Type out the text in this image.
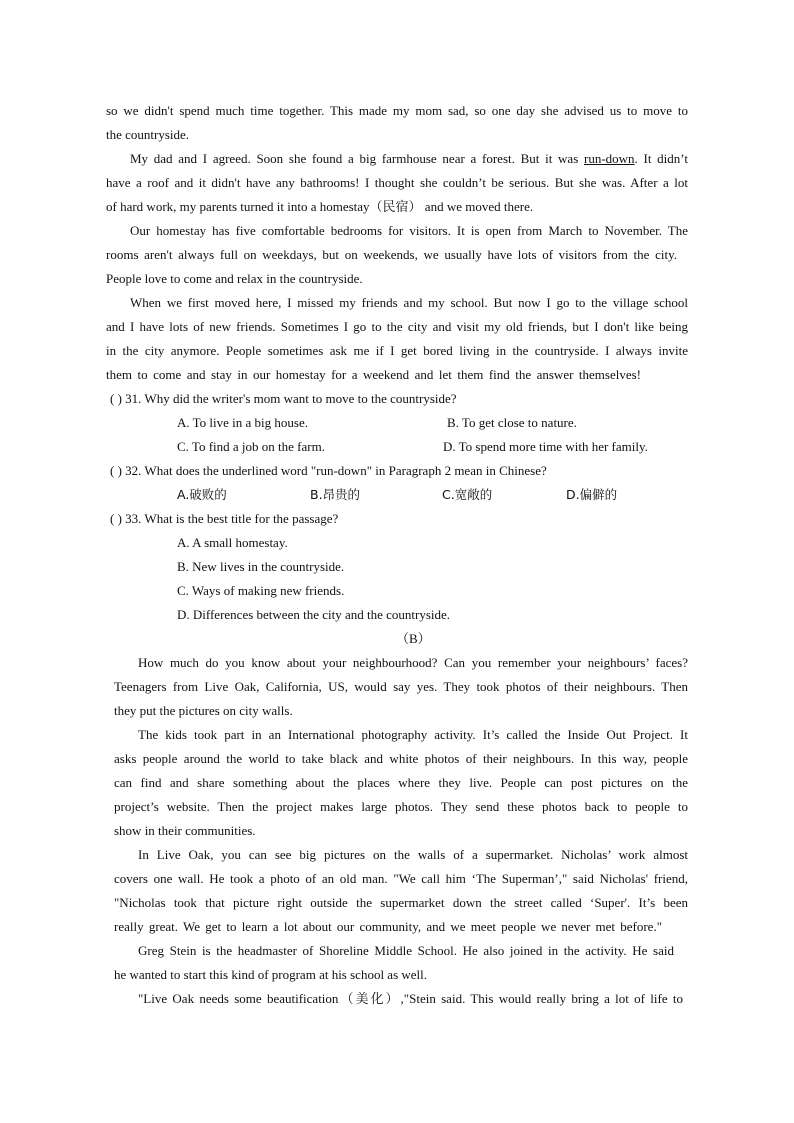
so we didn't spend much time together. This made my mom sad, so one day she advised us to move to
the countryside.
My dad and I agreed. Soon she found a big farmhouse near a forest. But it was run-down. It didn’t
have a roof and it didn't have any bathrooms! I thought she couldn’t be serious. But she was. After a lot
of hard work, my parents turned it into a homestay（民宿） and we moved there.
Our homestay has five comfortable bedrooms for visitors. It is open from March to November. The
rooms aren't always full on weekdays, but on weekends, we usually have lots of visitors from the city.
People love to come and relax in the countryside.
When we first moved here, I missed my friends and my school. But now I go to the village school
and I have lots of new friends. Sometimes I go to the city and visit my old friends, but I don't like being
in the city anymore. People sometimes ask me if I get bored living in the countryside. I always invite
them to come and stay in our homestay for a weekend and let them find the answer themselves!
( ) 31. Why did the writer's mom want to move to the countryside?
A. To live in a big house.	B. To get close to nature.
C. To find a job on the farm.	D. To spend more time with her family.
( ) 32. What does the underlined word "run-down" in Paragraph 2 mean in Chinese?
A.破败的	B.昂贵的	C.宽敞的	D.偏僻的
( ) 33. What is the best title for the passage?
A. A small homestay.
B. New lives in the countryside.
C. Ways of making new friends.
D. Differences between the city and the countryside.
（B）
How much do you know about your neighbourhood? Can you remember your neighbours’ faces?
Teenagers from Live Oak, California, US, would say yes. They took photos of their neighbours. Then
they put the pictures on city walls.
The kids took part in an International photography activity. It’s called the Inside Out Project. It
asks people around the world to take black and white photos of their neighbours. In this way, people
can find and share something about the places where they live. People can post pictures on the
project’s website. Then the project makes large photos. They send these photos back to people to
show in their communities.
In Live Oak, you can see big pictures on the walls of a supermarket. Nicholas’ work almost
covers one wall. He took a photo of an old man. "We call him ‘The Superman’," said Nicholas' friend,
"Nicholas took that picture right outside the supermarket down the street called ‘Super'. It’s been
really great. We get to learn a lot about our community, and we meet people we never met before."
Greg Stein is the headmaster of Shoreline Middle School. He also joined in the activity. He said
he wanted to start this kind of program at his school as well.
"Live Oak needs some beautification（美化）,"Stein said. This would really bring a lot of life to
